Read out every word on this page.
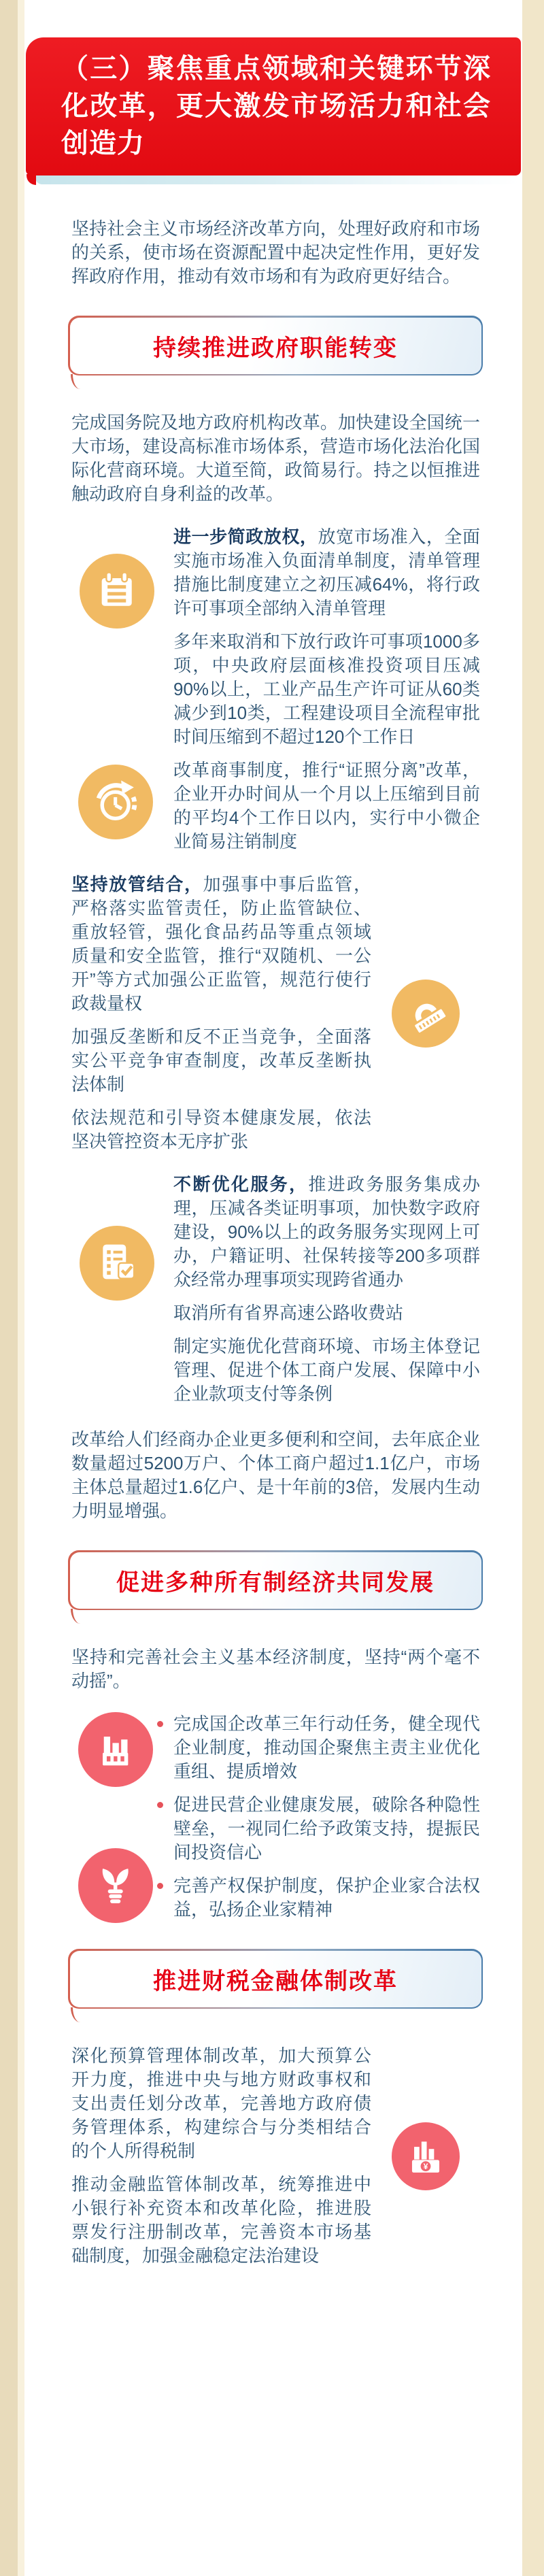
（三）聚焦重点领域和关键环节深化改革，更大激发市场活力和社会创造力

坚持社会主义市场经济改革方向，处理好政府和市场的关系，使市场在资源配置中起决定性作用，更好发挥政府作用，推动有效市场和有为政府更好结合。

持续推进政府职能转变

完成国务院及地方政府机构改革。加快建设全国统一大市场，建设高标准市场体系，营造市场化法治化国际化营商环境。大道至简，政简易行。持之以恒推进触动政府自身利益的改革。

进一步简政放权，放宽市场准入，全面实施市场准入负面清单制度，清单管理措施比制度建立之初压减64%，将行政许可事项全部纳入清单管理

多年来取消和下放行政许可事项1000多项，中央政府层面核准投资项目压减90%以上，工业产品生产许可证从60类减少到10类，工程建设项目全流程审批时间压缩到不超过120个工作日

改革商事制度，推行“证照分离”改革，企业开办时间从一个月以上压缩到目前的平均4个工作日以内，实行中小微企业简易注销制度

坚持放管结合，加强事中事后监管，严格落实监管责任，防止监管缺位、重放轻管，强化食品药品等重点领域质量和安全监管，推行“双随机、一公开”等方式加强公正监管，规范行使行政裁量权

加强反垄断和反不正当竞争，全面落实公平竞争审查制度，改革反垄断执法体制

依法规范和引导资本健康发展，依法坚决管控资本无序扩张

不断优化服务，推进政务服务集成办理，压减各类证明事项，加快数字政府建设，90%以上的政务服务实现网上可办，户籍证明、社保转接等200多项群众经常办理事项实现跨省通办

取消所有省界高速公路收费站

制定实施优化营商环境、市场主体登记管理、促进个体工商户发展、保障中小企业款项支付等条例

改革给人们经商办企业更多便利和空间，去年底企业数量超过5200万户、个体工商户超过1.1亿户，市场主体总量超过1.6亿户、是十年前的3倍，发展内生动力明显增强。

促进多种所有制经济共同发展

坚持和完善社会主义基本经济制度，坚持“两个毫不动摇”。

完成国企改革三年行动任务，健全现代企业制度，推动国企聚焦主责主业优化重组、提质增效
促进民营企业健康发展，破除各种隐性壁垒，一视同仁给予政策支持，提振民间投资信心
完善产权保护制度，保护企业家合法权益，弘扬企业家精神
推进财税金融体制改革

深化预算管理体制改革，加大预算公开力度，推进中央与地方财政事权和支出责任划分改革，完善地方政府债务管理体系，构建综合与分类相结合的个人所得税制

推动金融监管体制改革，统筹推进中小银行补充资本和改革化险，推进股票发行注册制改革，完善资本市场基础制度，加强金融稳定法治建设

¥
